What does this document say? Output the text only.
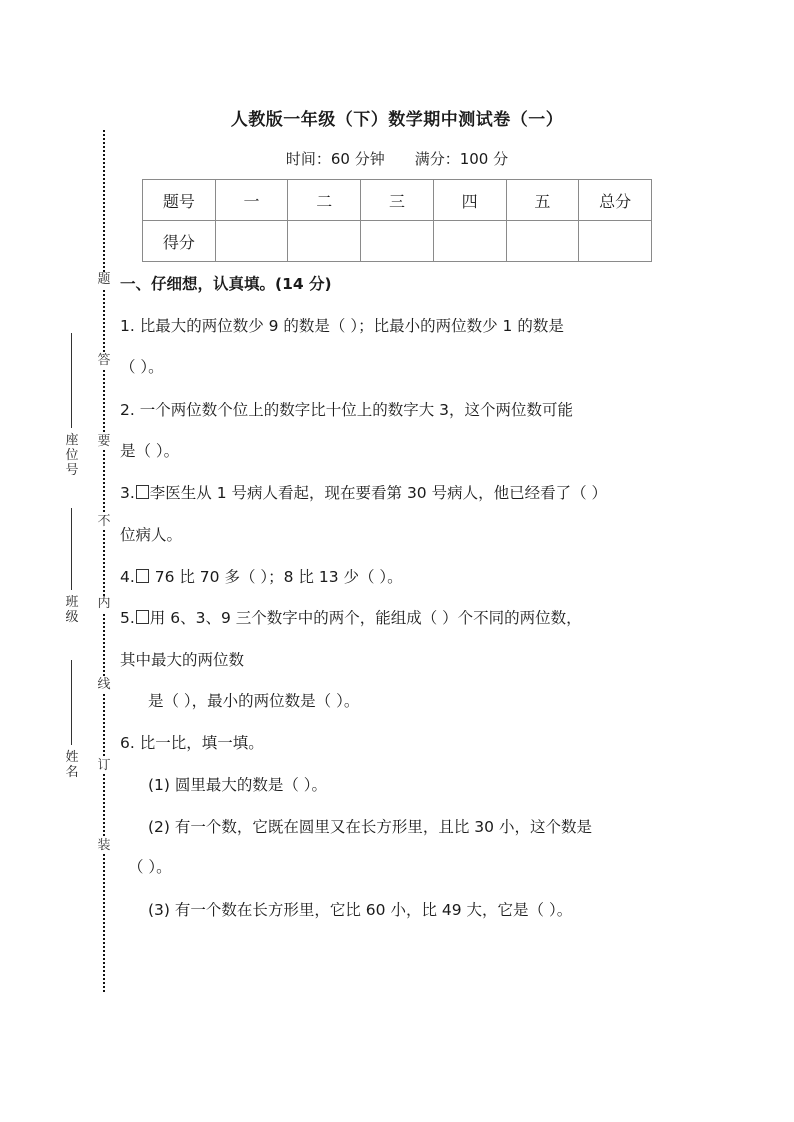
人教版一年级（下）数学期中测试卷（一）
时间：60 分钟 满分：100 分
题号	一	二	三	四	五	总分
得分						
题
答
要
不
内
线
订
装
座位号
班级
姓名
一、仔细想，认真填。(14 分)
1. 比最大的两位数少 9 的数是（ ）；比最小的两位数少 1 的数是
（ ）。
2. 一个两位数个位上的数字比十位上的数字大 3，这个两位数可能
是（ ）。
3. 李医生从 1 号病人看起，现在要看第 30 号病人，他已经看了（ ）
位病人。
4. 76 比 70 多（ ）；8 比 13 少（ ）。
5. 用 6、3、9 三个数字中的两个，能组成（ ）个不同的两位数，
其中最大的两位数
是（ ），最小的两位数是（ ）。
6. 比一比，填一填。
(1) 圆里最大的数是（ ）。
(2) 有一个数，它既在圆里又在长方形里，且比 30 小，这个数是
（ ）。
(3) 有一个数在长方形里，它比 60 小，比 49 大，它是（ ）。
